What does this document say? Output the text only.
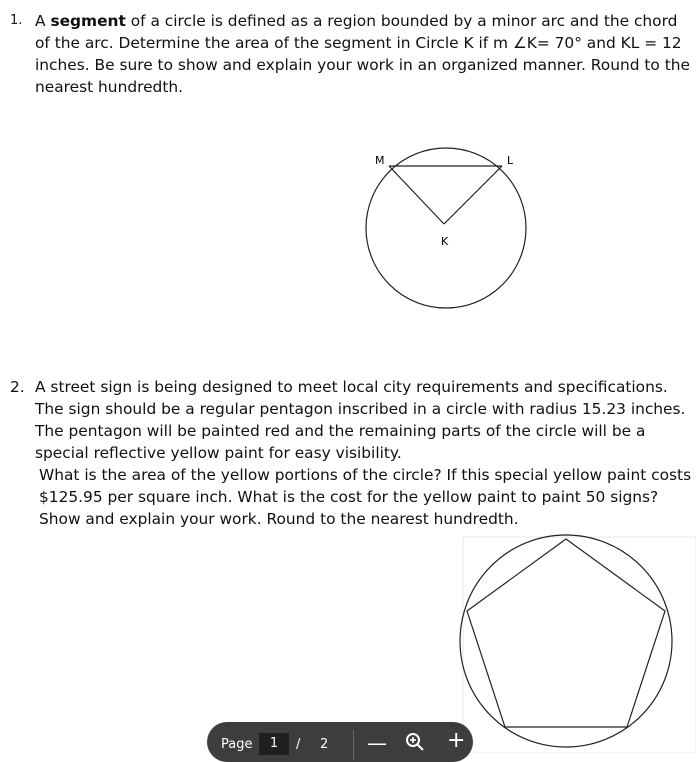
1. A segment of a circle is defined as a region bounded by a minor arc and the chord of the arc. Determine the area of the segment in Circle K if m ∠K= 70° and KL = 12 inches. Be sure to show and explain your work in an organized manner. Round to the nearest hundredth.

M	L
K
2. A street sign is being designed to meet local city requirements and specifications. The sign should be a regular pentagon inscribed in a circle with radius 15.23 inches. The pentagon will be painted red and the remaining parts of the circle will be a special reflective yellow paint for easy visibility.

What is the area of the yellow portions of the circle? If this special yellow paint costs $125.95 per square inch. What is the cost for the yellow paint to paint 50 signs? Show and explain your work. Round to the nearest hundredth.

Page	1	/ 2 —	+
